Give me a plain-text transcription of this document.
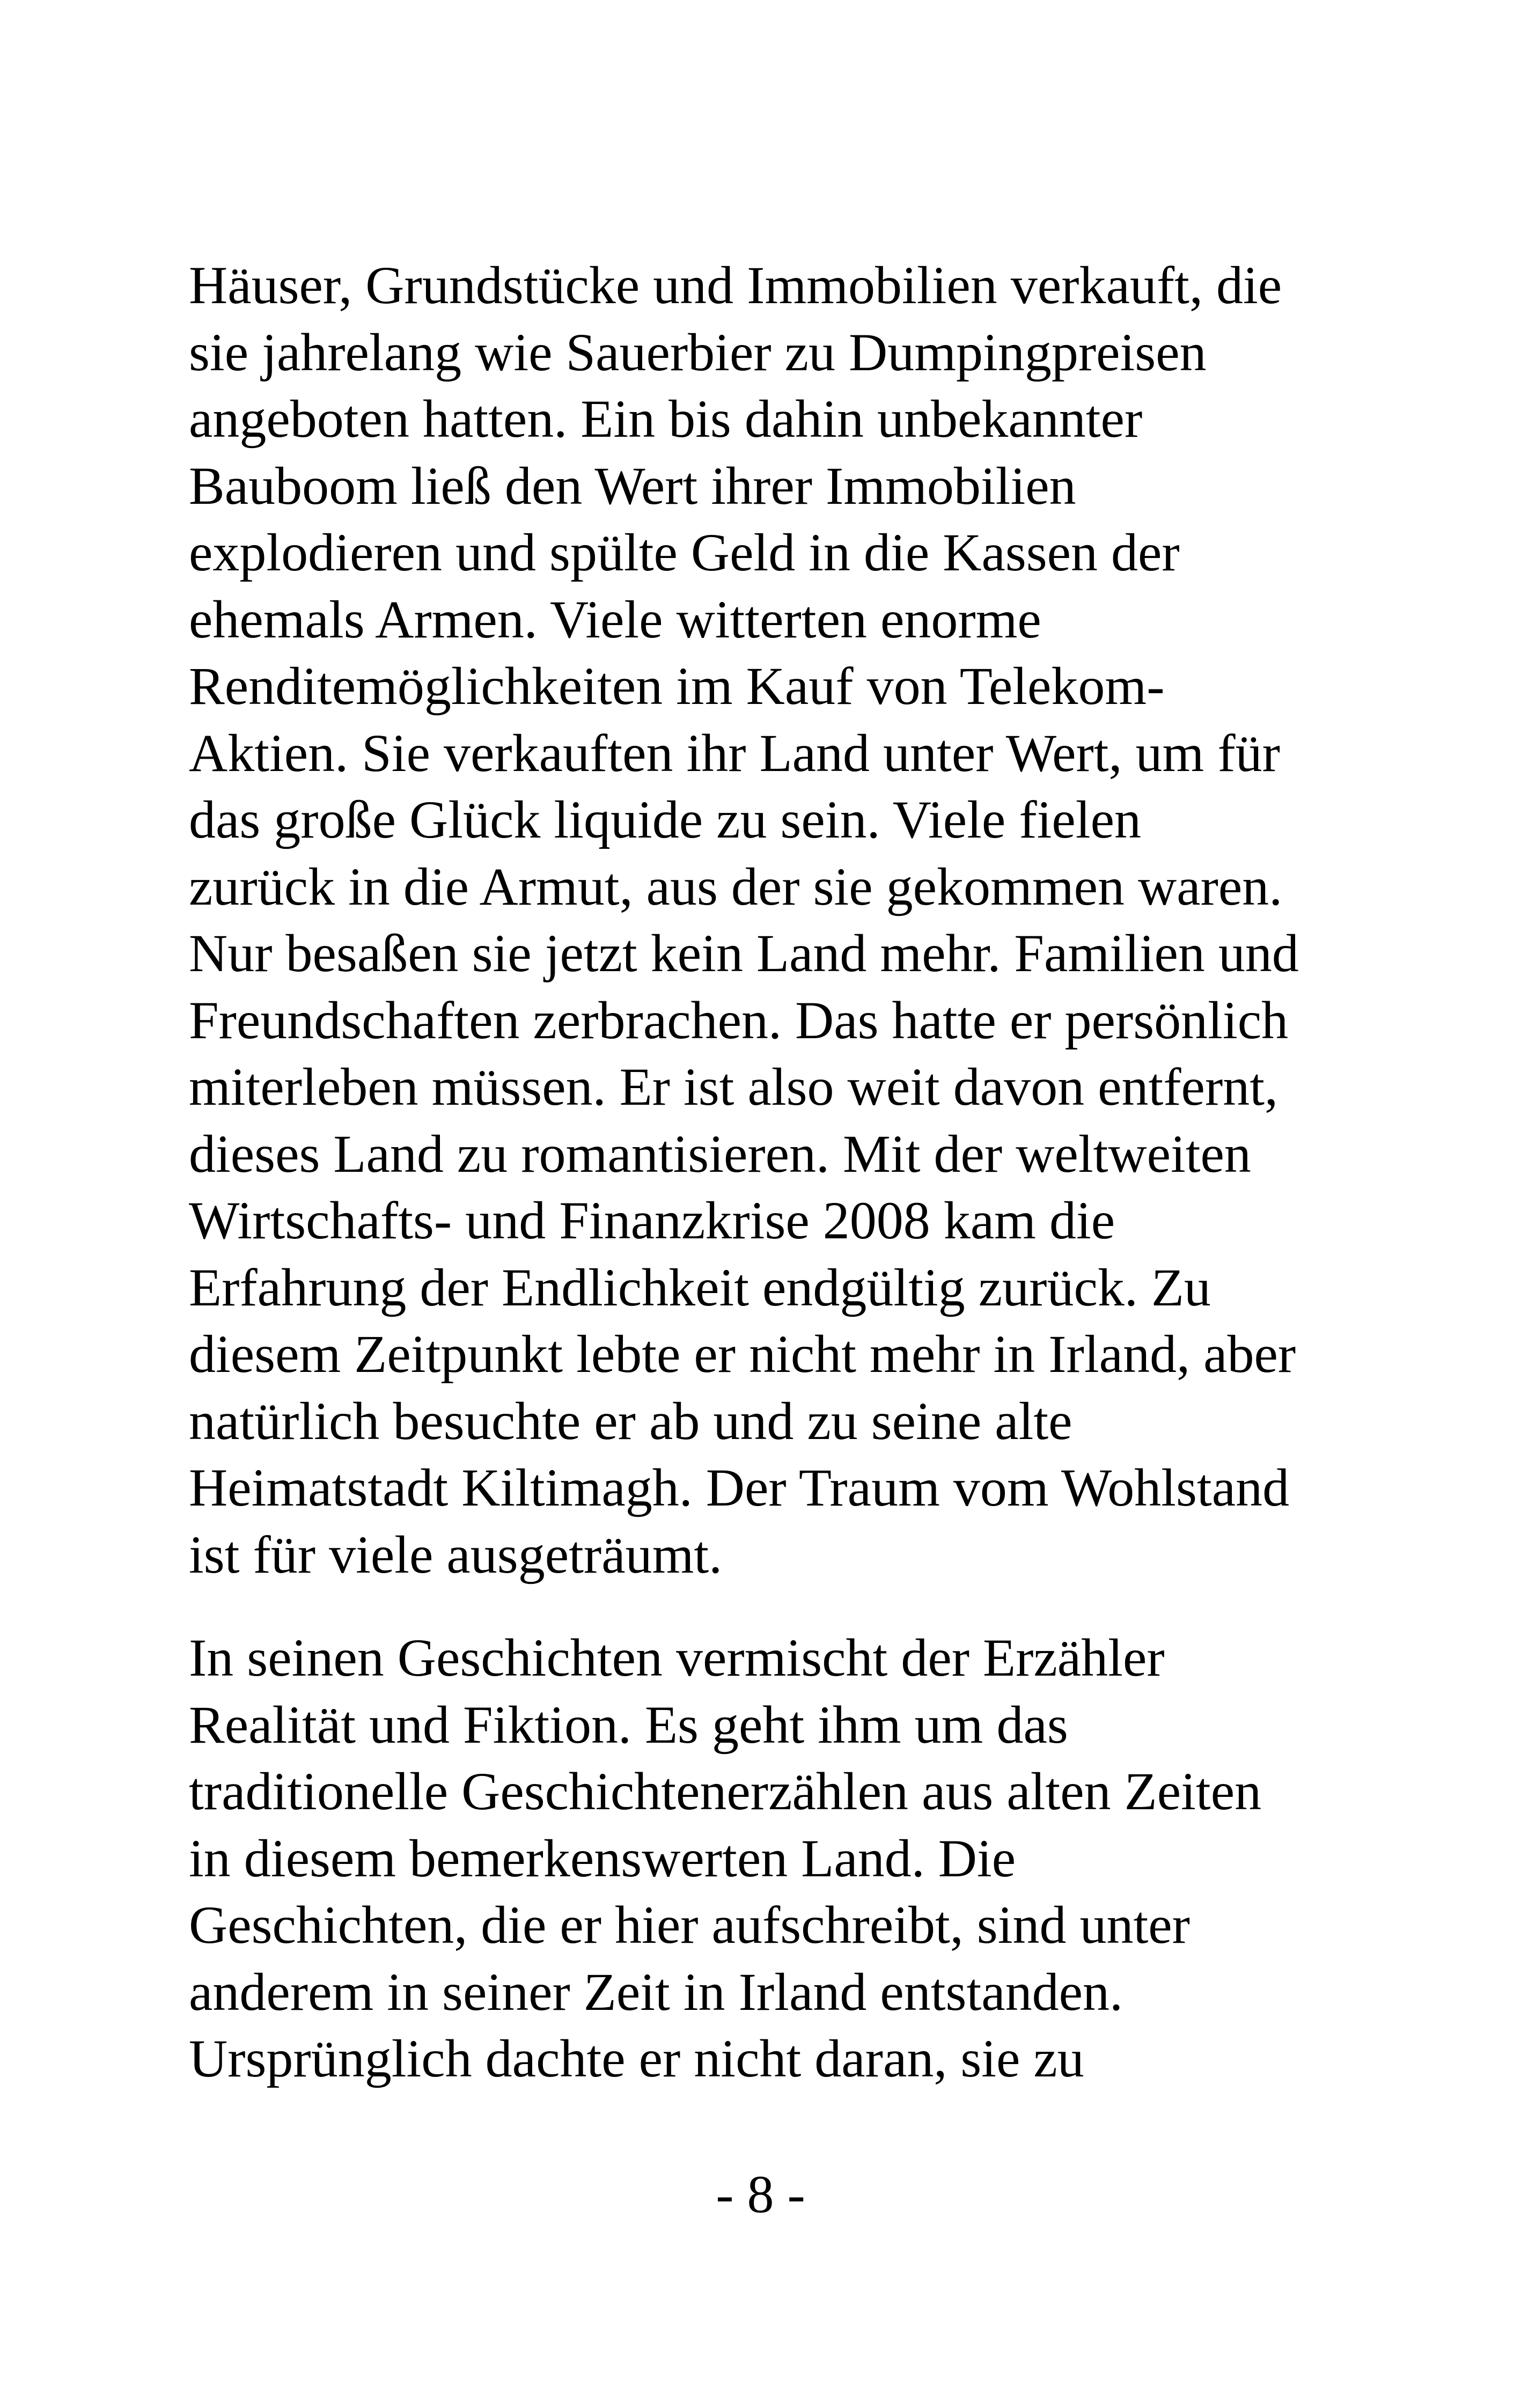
Häuser, Grundstücke und Immobilien verkauft, die
sie jahrelang wie Sauerbier zu Dumpingpreisen
angeboten hatten. Ein bis dahin unbekannter
Bauboom ließ den Wert ihrer Immobilien
explodieren und spülte Geld in die Kassen der
ehemals Armen. Viele witterten enorme
Renditemöglichkeiten im Kauf von Telekom-
Aktien. Sie verkauften ihr Land unter Wert, um für
das große Glück liquide zu sein. Viele fielen
zurück in die Armut, aus der sie gekommen waren.
Nur besaßen sie jetzt kein Land mehr. Familien und
Freundschaften zerbrachen. Das hatte er persönlich
miterleben müssen. Er ist also weit davon entfernt,
dieses Land zu romantisieren. Mit der weltweiten
Wirtschafts- und Finanzkrise 2008 kam die
Erfahrung der Endlichkeit endgültig zurück. Zu
diesem Zeitpunkt lebte er nicht mehr in Irland, aber
natürlich besuchte er ab und zu seine alte
Heimatstadt Kiltimagh. Der Traum vom Wohlstand
ist für viele ausgeträumt.

In seinen Geschichten vermischt der Erzähler
Realität und Fiktion. Es geht ihm um das
traditionelle Geschichtenerzählen aus alten Zeiten
in diesem bemerkenswerten Land. Die
Geschichten, die er hier aufschreibt, sind unter
anderem in seiner Zeit in Irland entstanden.
Ursprünglich dachte er nicht daran, sie zu

- 8 -
